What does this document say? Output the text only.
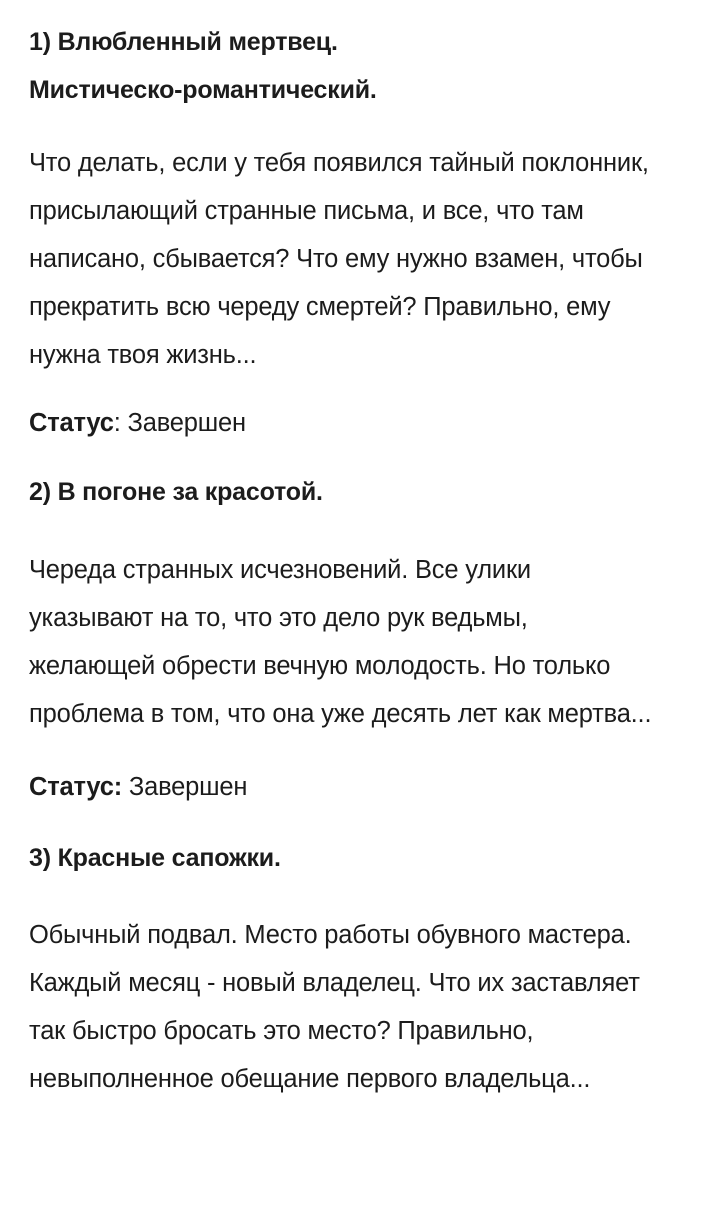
1) Влюбленный мертвец. Мистическо-романтический.

Что делать, если у тебя появился тайный поклонник, присылающий странные письма, и все, что там написано, сбывается? Что ему нужно взамен, чтобы прекратить всю череду смертей? Правильно, ему нужна твоя жизнь...

Статус: Завершен

2) В погоне за красотой.

Череда странных исчезновений. Все улики указывают на то, что это дело рук ведьмы, желающей обрести вечную молодость. Но только проблема в том, что она уже десять лет как мертва...

Статус: Завершен

3) Красные сапожки.

Обычный подвал. Место работы обувного мастера. Каждый месяц - новый владелец. Что их заставляет так быстро бросать это место? Правильно, невыполненное обещание первого владельца...
